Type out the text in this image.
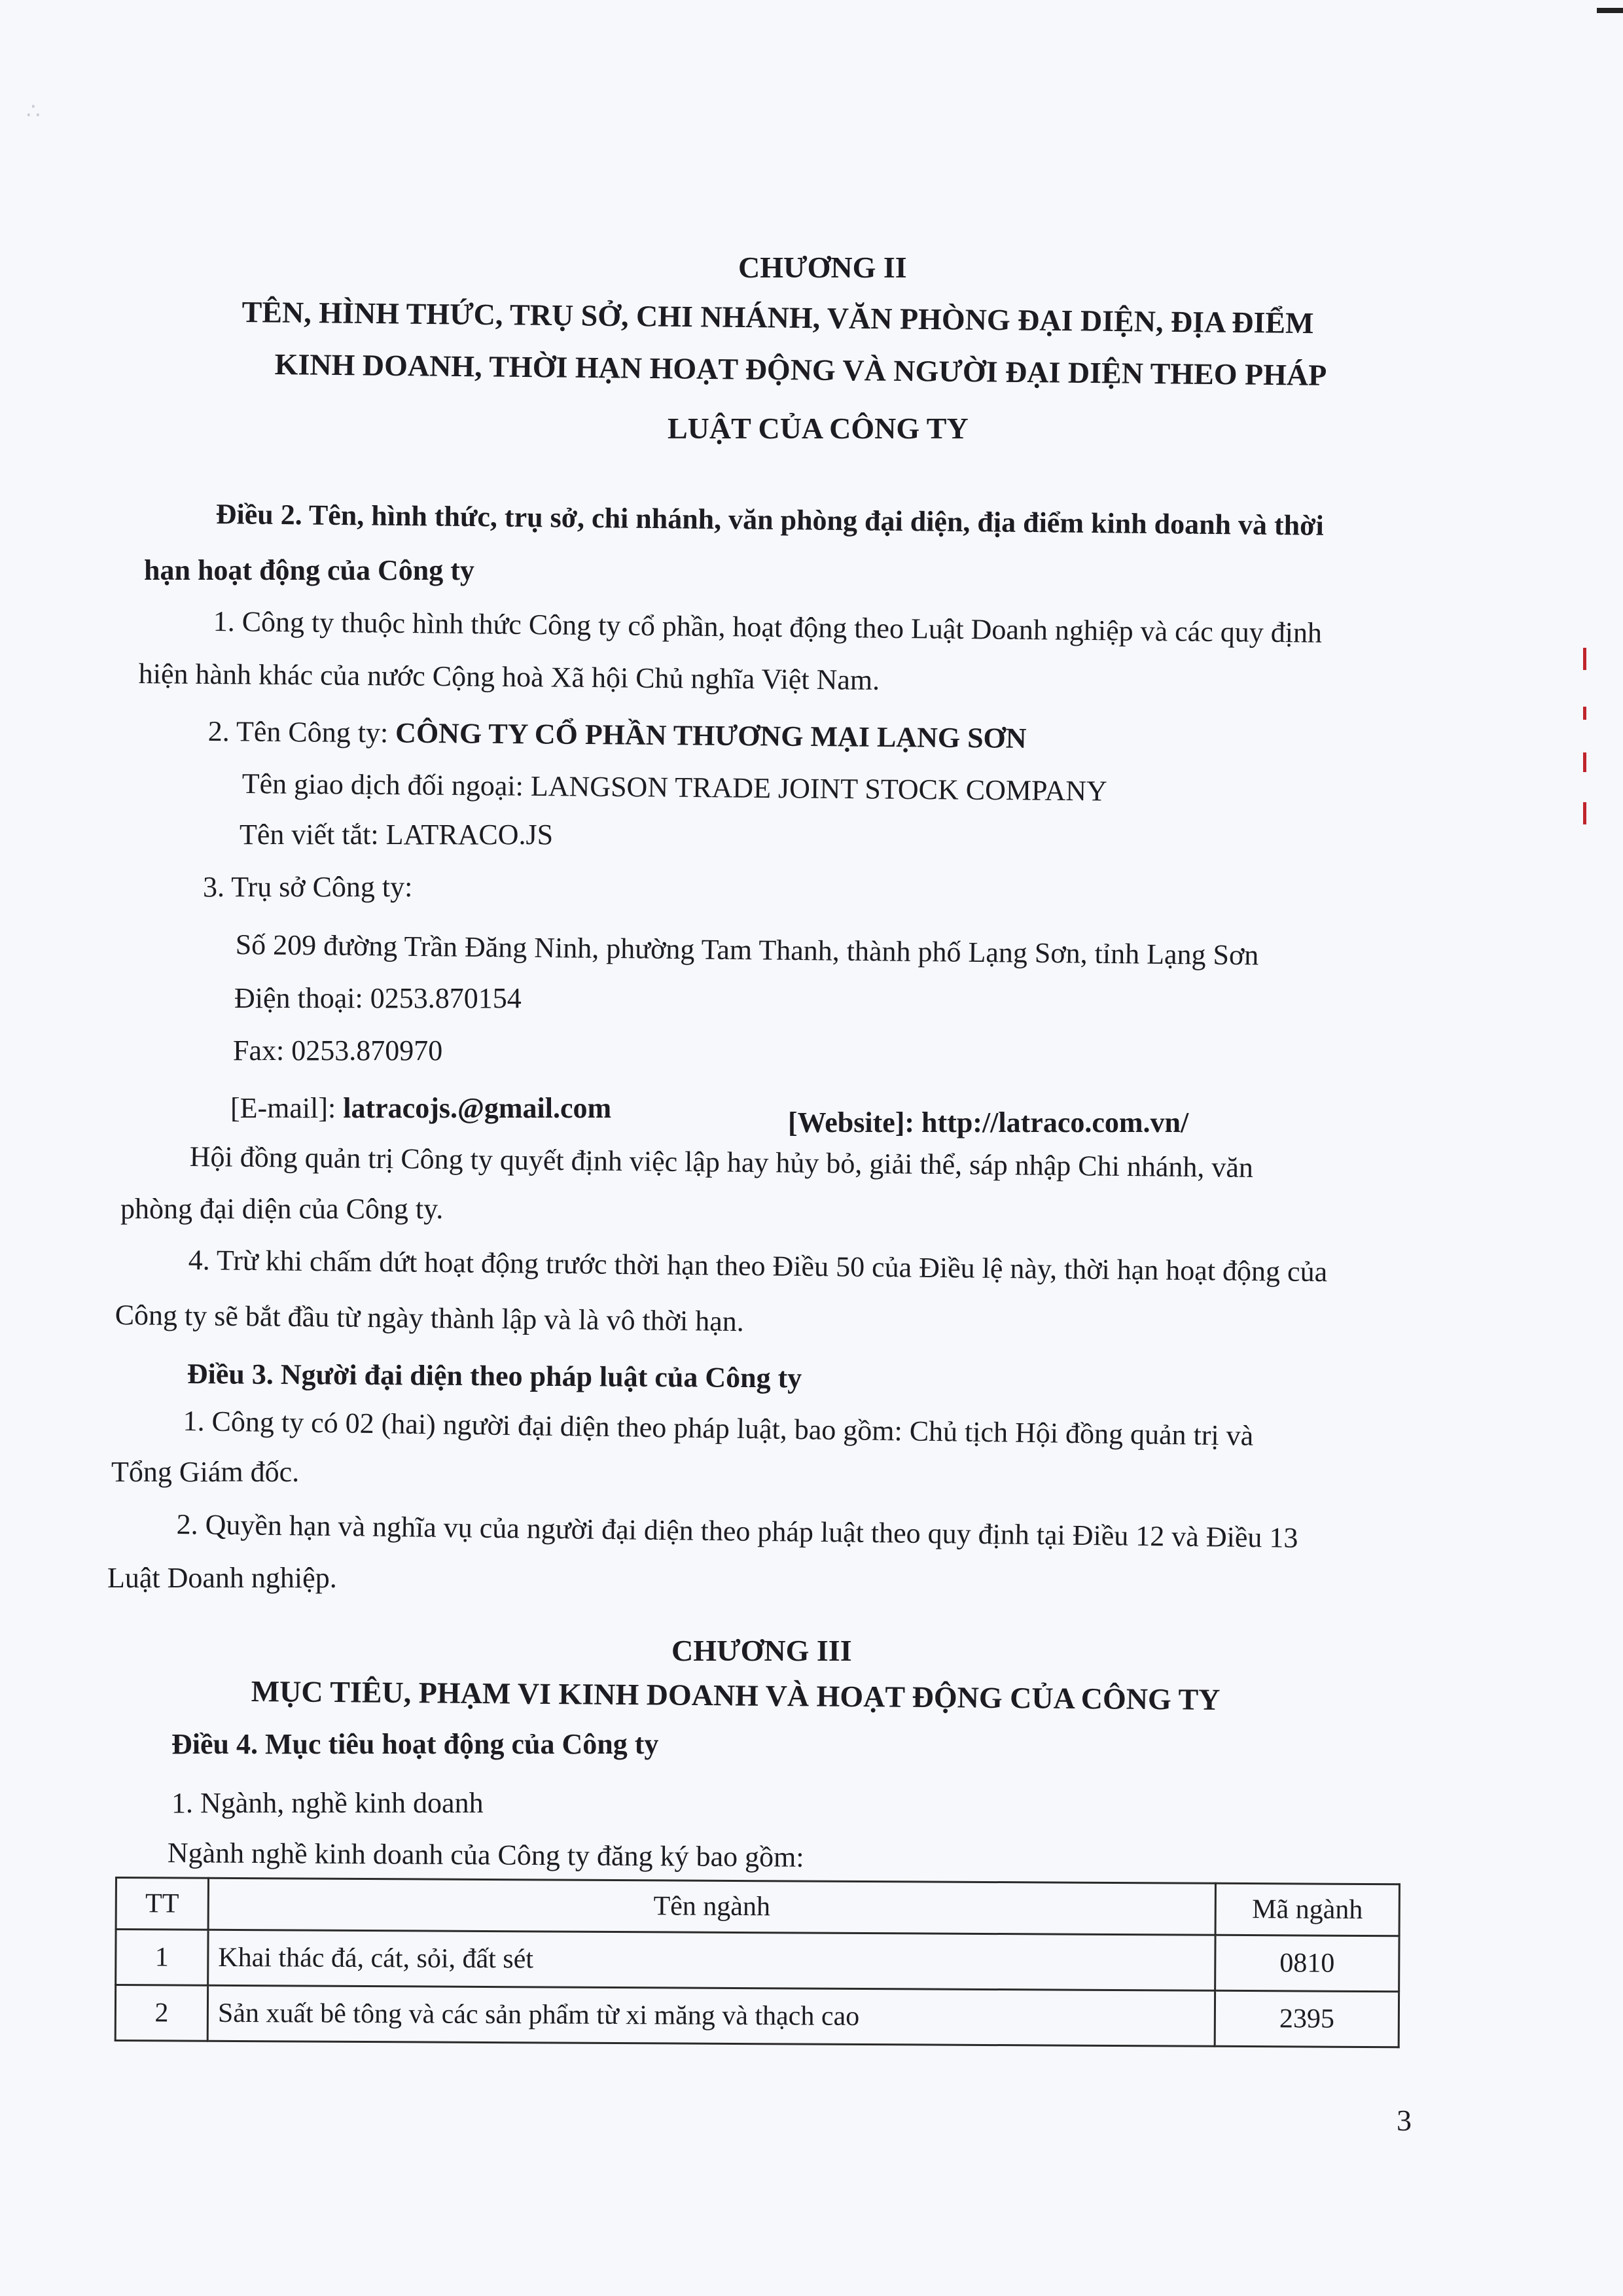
∴
CHƯƠNG II
TÊN, HÌNH THỨC, TRỤ SỞ, CHI NHÁNH, VĂN PHÒNG ĐẠI DIỆN, ĐỊA ĐIỂM
KINH DOANH, THỜI HẠN HOẠT ĐỘNG VÀ NGƯỜI ĐẠI DIỆN THEO PHÁP
LUẬT CỦA CÔNG TY
Điều 2. Tên, hình thức, trụ sở, chi nhánh, văn phòng đại diện, địa điểm kinh doanh và thời
hạn hoạt động của Công ty
1. Công ty thuộc hình thức Công ty cổ phần, hoạt động theo Luật Doanh nghiệp và các quy định
hiện hành khác của nước Cộng hoà Xã hội Chủ nghĩa Việt Nam.
2. Tên Công ty: CÔNG TY CỔ PHẦN THƯƠNG MẠI LẠNG SƠN
Tên giao dịch đối ngoại: LANGSON TRADE JOINT STOCK COMPANY
Tên viết tắt: LATRACO.JS
3. Trụ sở Công ty:
Số 209 đường Trần Đăng Ninh, phường Tam Thanh, thành phố Lạng Sơn, tỉnh Lạng Sơn
Điện thoại: 0253.870154
Fax: 0253.870970
[E-mail]: latracojs.@gmail.com	[Website]: http://latraco.com.vn/
Hội đồng quản trị Công ty quyết định việc lập hay hủy bỏ, giải thể, sáp nhập Chi nhánh, văn
phòng đại diện của Công ty.
4. Trừ khi chấm dứt hoạt động trước thời hạn theo Điều 50 của Điều lệ này, thời hạn hoạt động của
Công ty sẽ bắt đầu từ ngày thành lập và là vô thời hạn.
Điều 3. Người đại diện theo pháp luật của Công ty
1. Công ty có 02 (hai) người đại diện theo pháp luật, bao gồm: Chủ tịch Hội đồng quản trị và
Tổng Giám đốc.
2. Quyền hạn và nghĩa vụ của người đại diện theo pháp luật theo quy định tại Điều 12 và Điều 13
Luật Doanh nghiệp.
CHƯƠNG III
MỤC TIÊU, PHẠM VI KINH DOANH VÀ HOẠT ĐỘNG CỦA CÔNG TY
Điều 4. Mục tiêu hoạt động của Công ty
1. Ngành, nghề kinh doanh
Ngành nghề kinh doanh của Công ty đăng ký bao gồm:
TT	Tên ngành	Mã ngành
1	Khai thác đá, cát, sỏi, đất sét	0810
2	Sản xuất bê tông và các sản phẩm từ xi măng và thạch cao	2395
3
